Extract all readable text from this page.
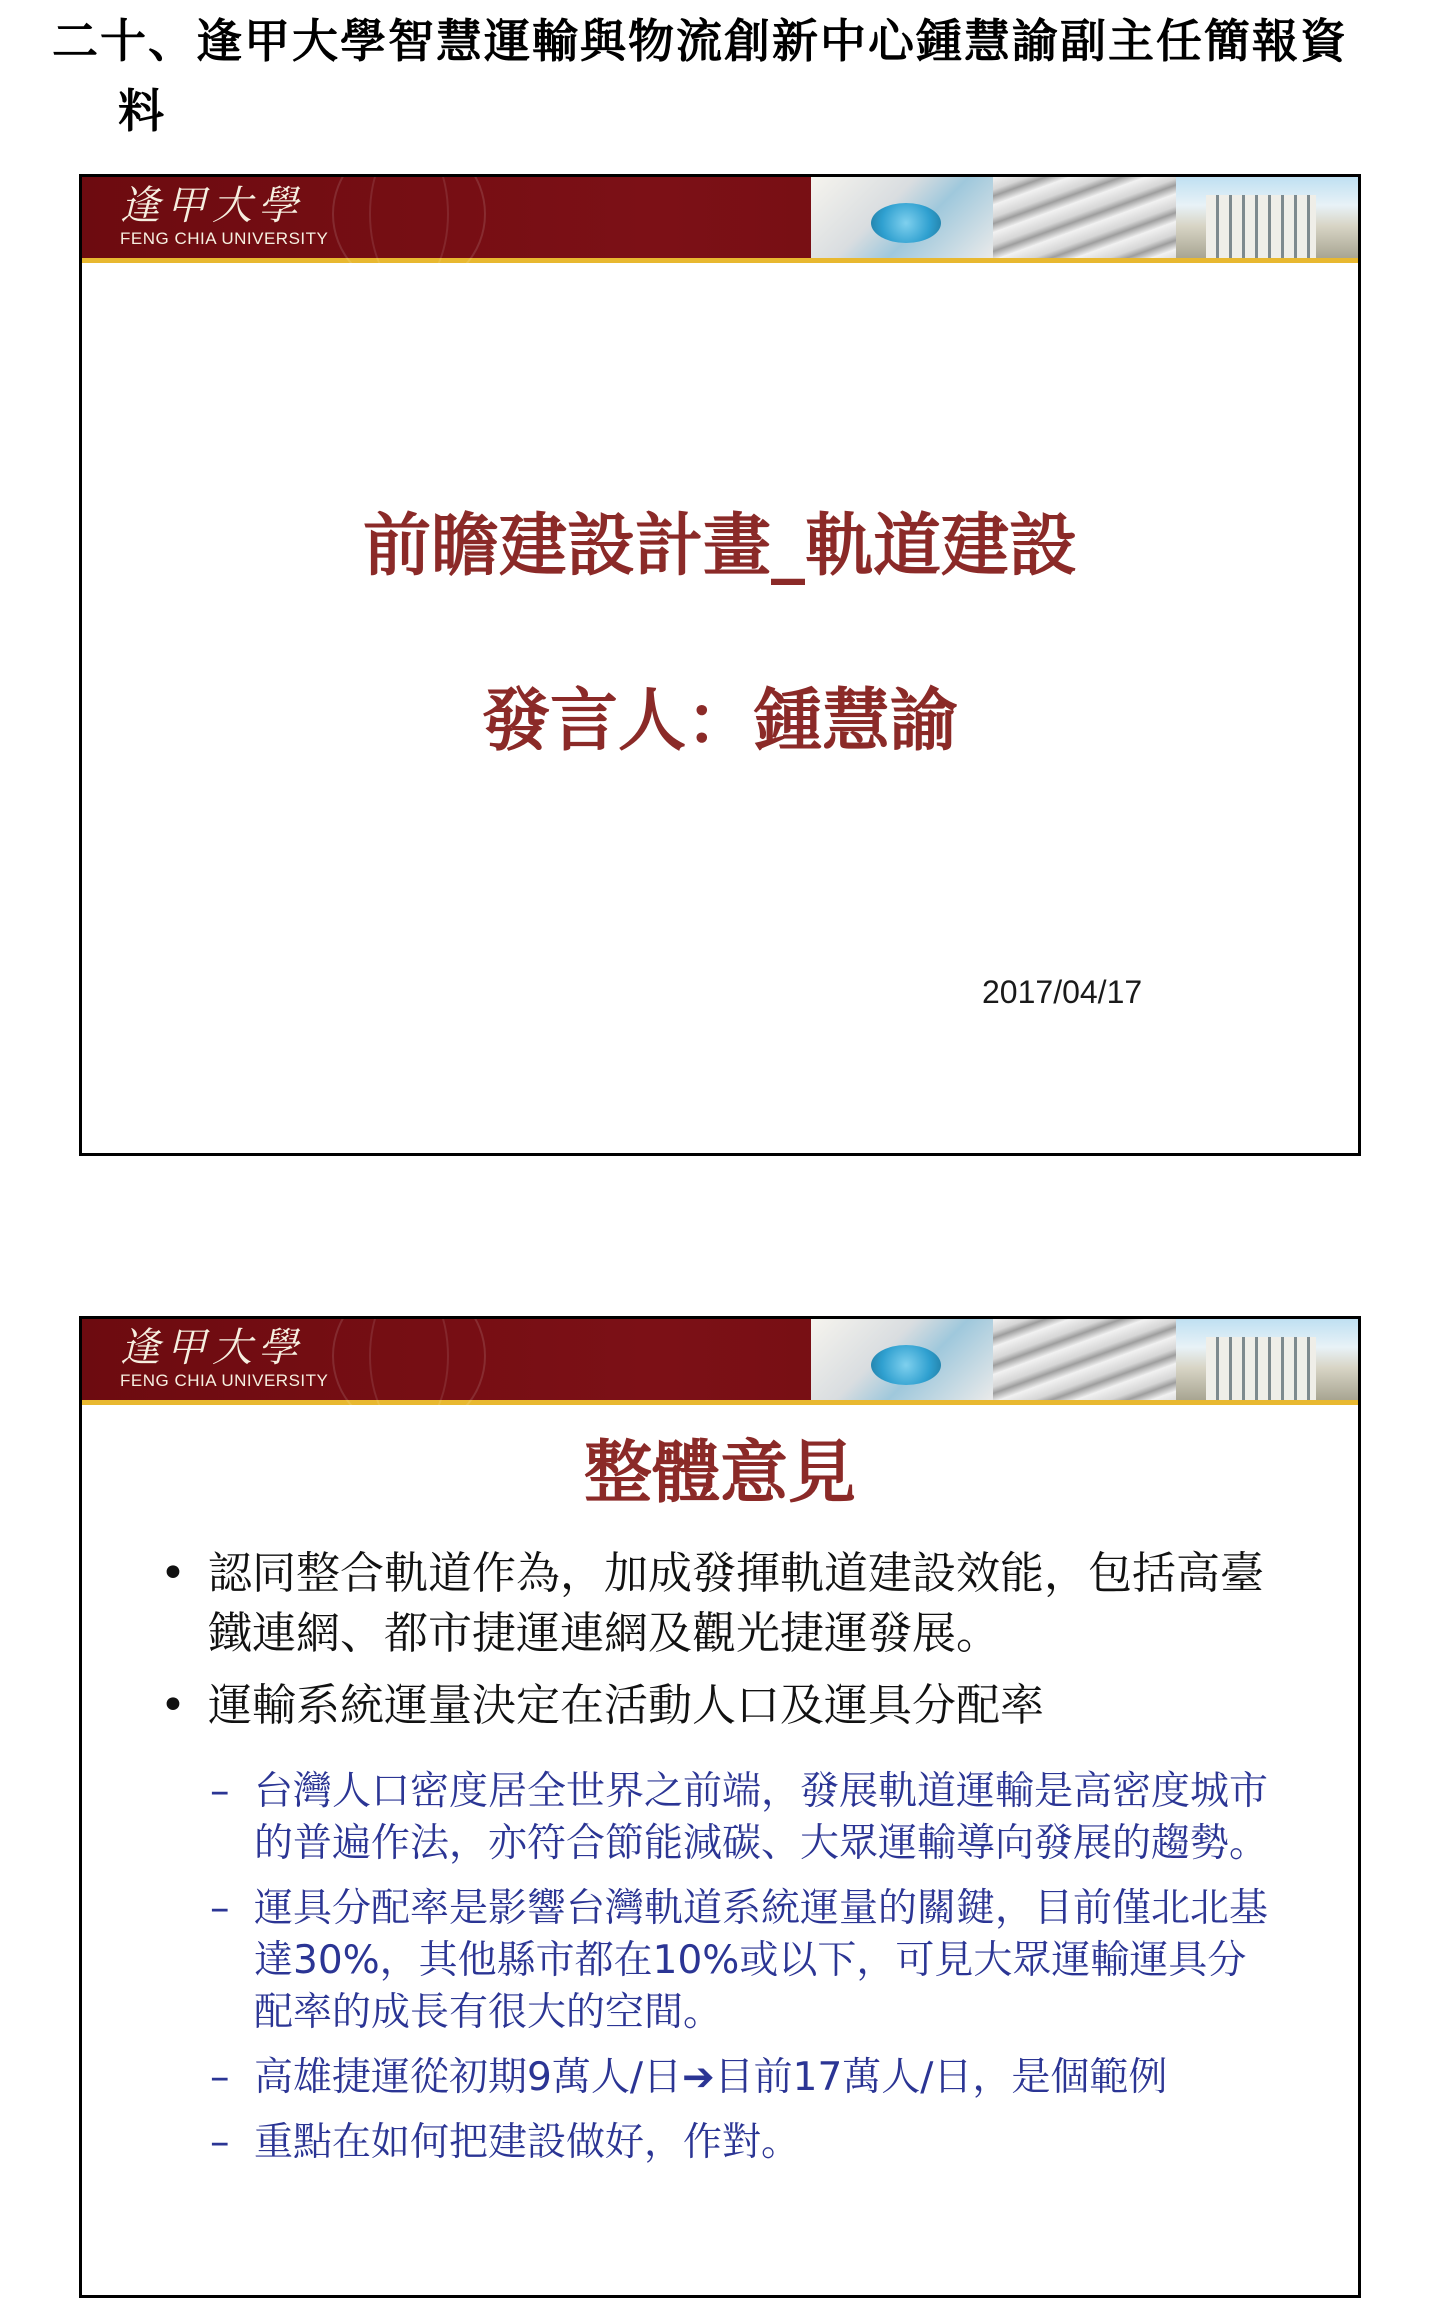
二十、逢甲大學智慧運輸與物流創新中心鍾慧諭副主任簡報資
料
逢甲大學
FENG CHIA UNIVERSITY
前瞻建設計畫_軌道建設
發言人：鍾慧諭
2017/04/17
逢甲大學
FENG CHIA UNIVERSITY
整體意見
• 認同整合軌道作為，加成發揮軌道建設效能，包括高臺鐵連網、都市捷運連網及觀光捷運發展。
• 運輸系統運量決定在活動人口及運具分配率
– 台灣人口密度居全世界之前端，發展軌道運輸是高密度城市的普遍作法，亦符合節能減碳、大眾運輸導向發展的趨勢。
– 運具分配率是影響台灣軌道系統運量的關鍵，目前僅北北基達30%，其他縣市都在10%或以下，可見大眾運輸運具分配率的成長有很大的空間。
– 高雄捷運從初期9萬人/日➔目前17萬人/日，是個範例
– 重點在如何把建設做好，作對。
